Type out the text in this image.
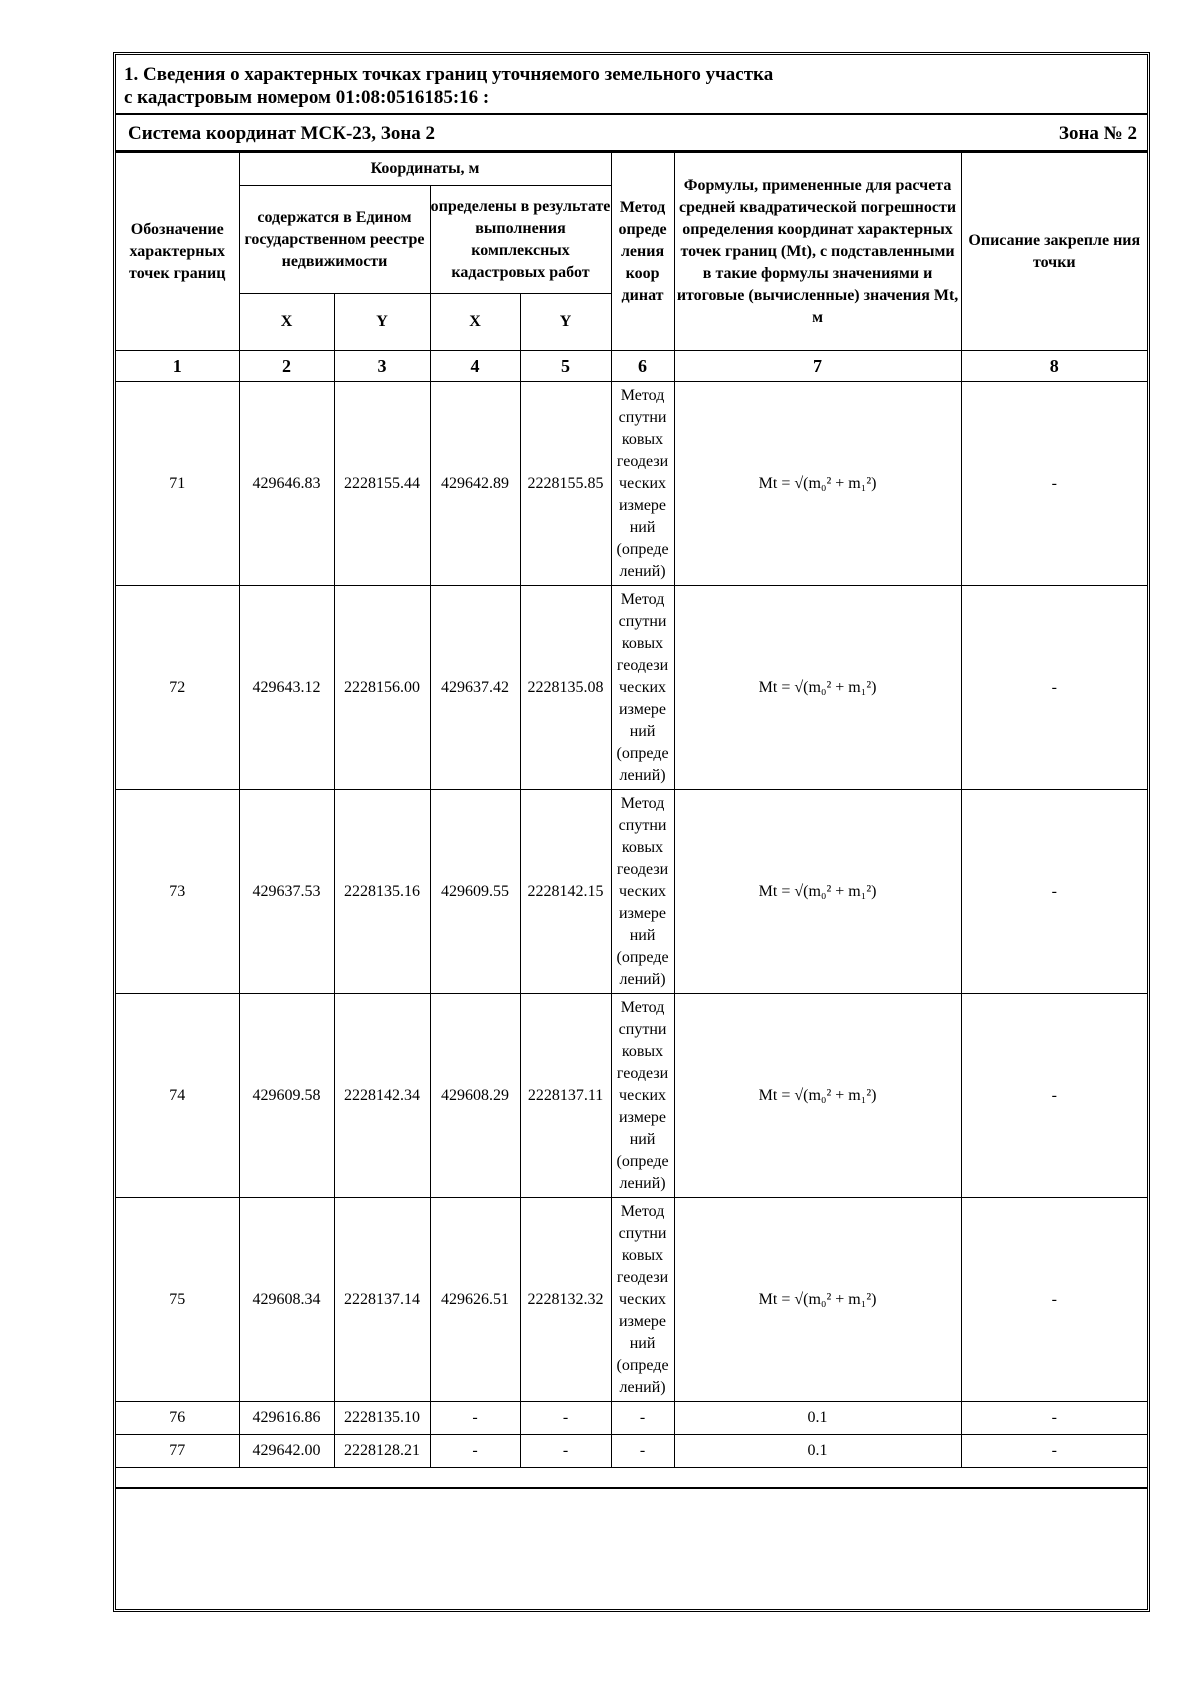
1. Сведения о характерных точках границ уточняемого земельного участка
с кадастровым номером 01:08:0516185:16 :
Система координат МСК-23, Зона 2	Зона № 2
Обозначение характерных точек границ	Координаты, м				Метод опреде ления коор динат	Формулы, примененные для расчета средней квадратической погрешности определения координат характерных точек границ (Mt), с подставленными в такие формулы значениями и итоговые (вычисленные) значения Mt, м	Описание закрепле ния точки
	содержатся в Едином государственном реестре недвижимости		определены в результате выполнения комплексных кадастровых работ				
	X	Y	X	Y			
1	2	3	4	5	6	7	8
71	429646.83	2228155.44	429642.89	2228155.85	Метод спутни ковых геодези ческих измере ний (опреде лений)	Mt = √(m₀² + m₁²)	-
72	429643.12	2228156.00	429637.42	2228135.08	Метод спутни ковых геодези ческих измере ний (опреде лений)	Mt = √(m₀² + m₁²)	-
73	429637.53	2228135.16	429609.55	2228142.15	Метод спутни ковых геодези ческих измере ний (опреде лений)	Mt = √(m₀² + m₁²)	-
74	429609.58	2228142.34	429608.29	2228137.11	Метод спутни ковых геодези ческих измере ний (опреде лений)	Mt = √(m₀² + m₁²)	-
75	429608.34	2228137.14	429626.51	2228132.32	Метод спутни ковых геодези ческих измере ний (опреде лений)	Mt = √(m₀² + m₁²)	-
76	429616.86	2228135.10	-	-	-	0.1	-
77	429642.00	2228128.21	-	-	-	0.1	-
